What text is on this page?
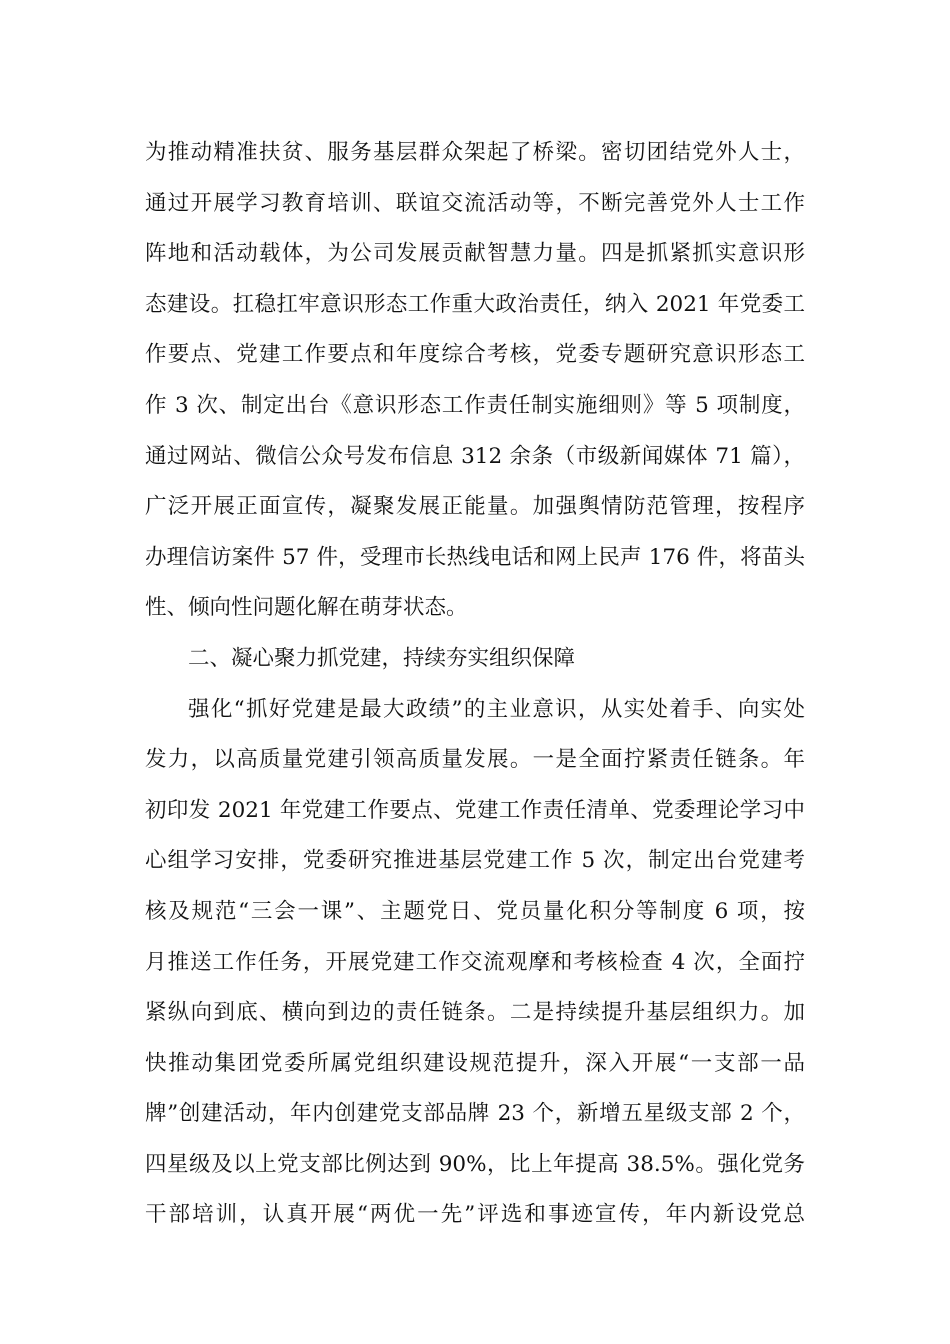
为推动精准扶贫、服务基层群众架起了桥梁。密切团结党外人士，
通过开展学习教育培训、联谊交流活动等，不断完善党外人士工作
阵地和活动载体，为公司发展贡献智慧力量。四是抓紧抓实意识形
态建设。扛稳扛牢意识形态工作重大政治责任，纳入 2021 年党委工
作要点、党建工作要点和年度综合考核，党委专题研究意识形态工
作 3 次、制定出台《意识形态工作责任制实施细则》等 5 项制度，
通过网站、微信公众号发布信息 312 余条（市级新闻媒体 71 篇），
广泛开展正面宣传，凝聚发展正能量。加强舆情防范管理，按程序
办理信访案件 57 件，受理市长热线电话和网上民声 176 件，将苗头
性、倾向性问题化解在萌芽状态。
二、凝心聚力抓党建，持续夯实组织保障
强化“抓好党建是最大政绩”的主业意识，从实处着手、向实处
发力，以高质量党建引领高质量发展。一是全面拧紧责任链条。年
初印发 2021 年党建工作要点、党建工作责任清单、党委理论学习中
心组学习安排，党委研究推进基层党建工作 5 次，制定出台党建考
核及规范“三会一课”、主题党日、党员量化积分等制度 6 项，按
月推送工作任务，开展党建工作交流观摩和考核检查 4 次，全面拧
紧纵向到底、横向到边的责任链条。二是持续提升基层组织力。加
快推动集团党委所属党组织建设规范提升，深入开展“一支部一品
牌”创建活动，年内创建党支部品牌 23 个，新增五星级支部 2 个，
四星级及以上党支部比例达到 90%，比上年提高 38.5%。强化党务
干部培训，认真开展“两优一先”评选和事迹宣传，年内新设党总
